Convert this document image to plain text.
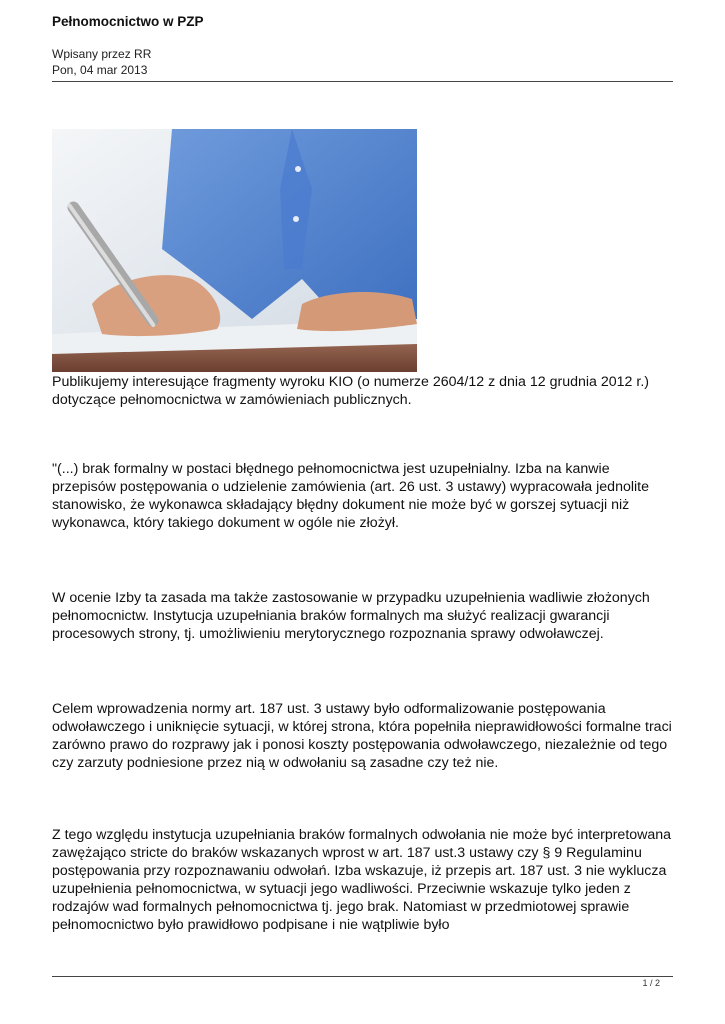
Pełnomocnictwo w PZP
Wpisany przez RR
Pon, 04 mar 2013

Publikujemy interesujące fragmenty wyroku KIO (o numerze 2604/12 z dnia 12 grudnia 2012 r.) dotyczące pełnomocnictwa w zamówieniach publicznych.

"(...) brak formalny w postaci błędnego pełnomocnictwa jest uzupełnialny. Izba na kanwie przepisów postępowania o udzielenie zamówienia (art. 26 ust. 3 ustawy) wypracowała jednolite stanowisko, że wykonawca składający błędny dokument nie może być w gorszej sytuacji niż wykonawca, który takiego dokument w ogóle nie złożył.

W ocenie Izby ta zasada ma także zastosowanie w przypadku uzupełnienia wadliwie złożonych pełnomocnictw. Instytucja uzupełniania braków formalnych ma służyć realizacji gwarancji procesowych strony, tj. umożliwieniu merytorycznego rozpoznania sprawy odwoławczej.

Celem wprowadzenia normy art. 187 ust. 3 ustawy było odformalizowanie postępowania odwoławczego i uniknięcie sytuacji, w której strona, która popełniła nieprawidłowości formalne traci zarówno prawo do rozprawy jak i ponosi koszty postępowania odwoławczego, niezależnie od tego czy zarzuty podniesione przez nią w odwołaniu są zasadne czy też nie.

Z tego względu instytucja uzupełniania braków formalnych odwołania nie może być interpretowana zawężająco stricte do braków wskazanych wprost w art. 187 ust.3 ustawy czy § 9 Regulaminu postępowania przy rozpoznawaniu odwołań. Izba wskazuje, iż przepis art. 187 ust. 3 nie wyklucza uzupełnienia pełnomocnictwa, w sytuacji jego wadliwości. Przeciwnie wskazuje tylko jeden z rodzajów wad formalnych pełnomocnictwa tj. jego brak. Natomiast w przedmiotowej sprawie pełnomocnictwo było prawidłowo podpisane i nie wątpliwie było

1 / 2
